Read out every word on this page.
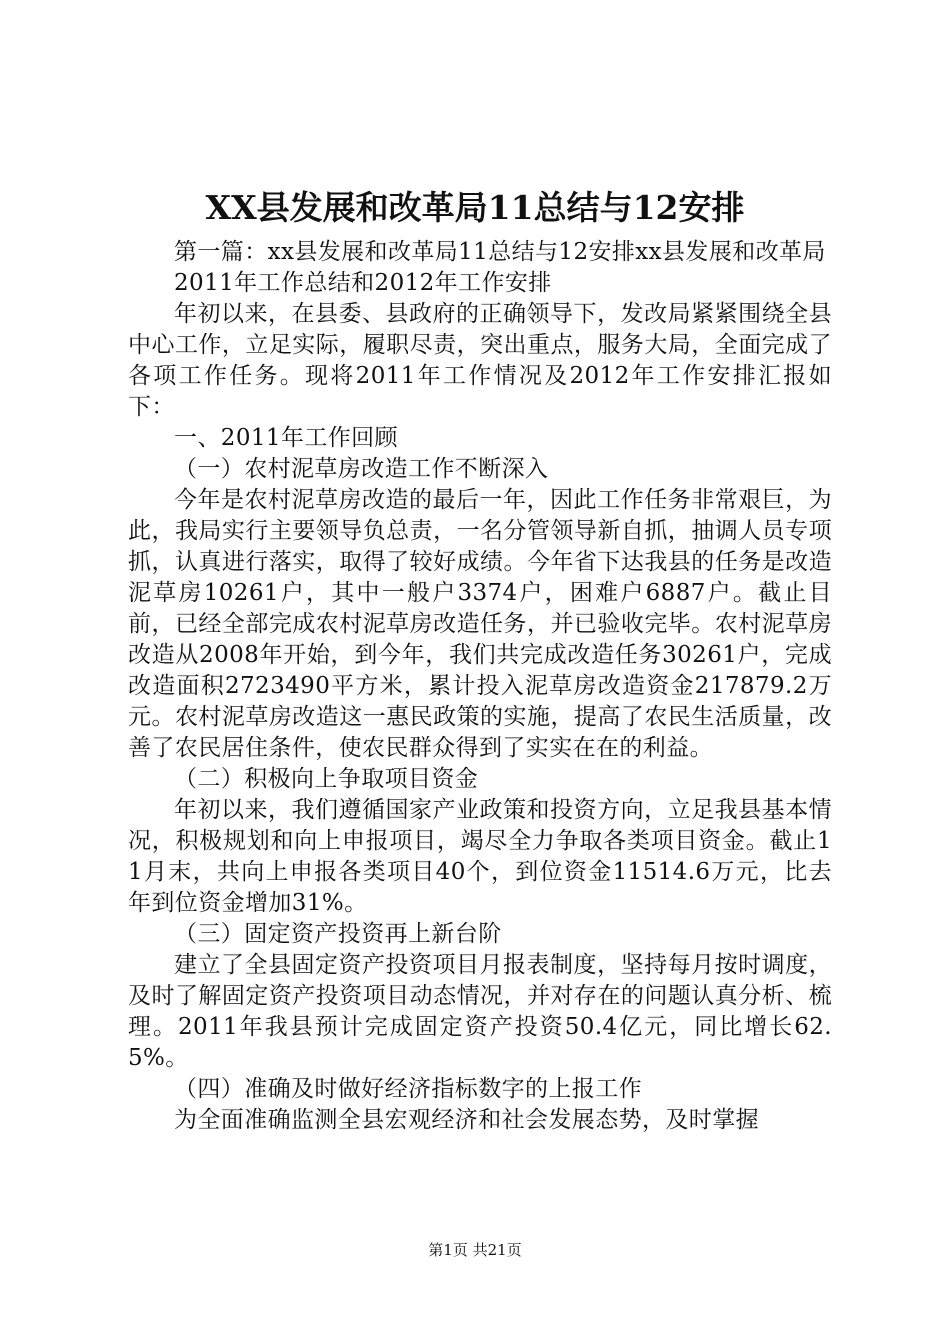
XX县发展和改革局11总结与12安排

第一篇：xx县发展和改革局11总结与12安排xx县发展和改革局

2011年工作总结和2012年工作安排

年初以来，在县委、县政府的正确领导下，发改局紧紧围绕全县中心工作，立足实际，履职尽责，突出重点，服务大局，全面完成了各项工作任务。现将2011年工作情况及2012年工作安排汇报如下：

一、2011年工作回顾

（一）农村泥草房改造工作不断深入

今年是农村泥草房改造的最后一年，因此工作任务非常艰巨，为此，我局实行主要领导负总责，一名分管领导新自抓，抽调人员专项抓，认真进行落实，取得了较好成绩。今年省下达我县的任务是改造泥草房10261户，其中一般户3374户，困难户6887户。截止目前，已经全部完成农村泥草房改造任务，并已验收完毕。农村泥草房改造从2008年开始，到今年，我们共完成改造任务30261户，完成改造面积2723490平方米，累计投入泥草房改造资金217879.2万元。农村泥草房改造这一惠民政策的实施，提高了农民生活质量，改善了农民居住条件，使农民群众得到了实实在在的利益。

（二）积极向上争取项目资金

年初以来，我们遵循国家产业政策和投资方向，立足我县基本情况，积极规划和向上申报项目，竭尽全力争取各类项目资金。截止11月末，共向上申报各类项目40个，到位资金11514.6万元，比去年到位资金增加31%。

（三）固定资产投资再上新台阶

建立了全县固定资产投资项目月报表制度，坚持每月按时调度，及时了解固定资产投资项目动态情况，并对存在的问题认真分析、梳理。2011年我县预计完成固定资产投资50.4亿元，同比增长62.5%。

（四）准确及时做好经济指标数字的上报工作

为全面准确监测全县宏观经济和社会发展态势，及时掌握

第1页 共21页
